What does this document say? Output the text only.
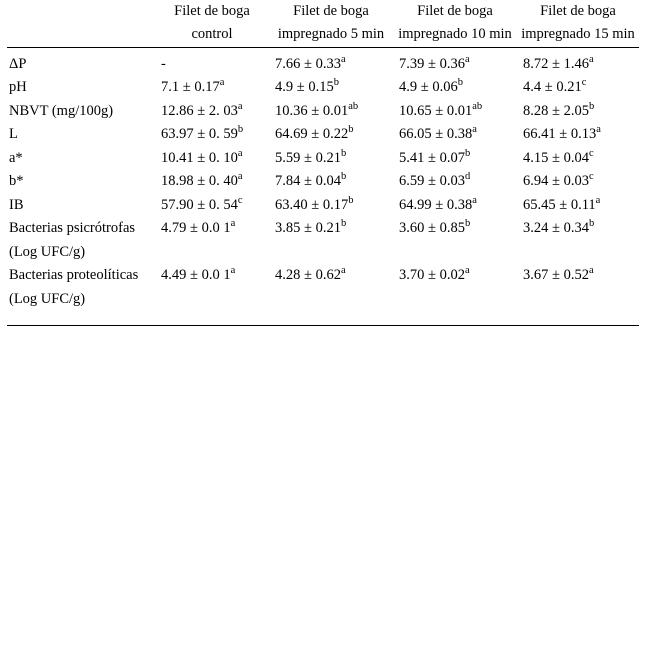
	Filet de boga control	Filet de boga impregnado 5 min	Filet de boga impregnado 10 min	Filet de boga impregnado 15 min

ΔP	-	7.66 ± 0.33$^a$	7.39 ± 0.36$^a$	8.72 ± 1.46$^a$

pH	7.1 ± 0.17$^a$	4.9 ± 0.15$^b$	4.9 ± 0.06$^b$	4.4 ± 0.21$^c$

NBVT (mg/100g)	12.86 ± 2. 03$^a$	10.36 ± 0.01$^{ab}$	10.65 ± 0.01$^{ab}$	8.28 ± 2.05$^b$

L	63.97 ± 0. 59$^b$	64.69 ± 0.22$^b$	66.05 ± 0.38$^a$	66.41 ± 0.13$^a$

a*	10.41 ± 0. 10$^a$	5.59 ± 0.21$^b$	5.41 ± 0.07$^b$	4.15 ± 0.04$^c$

b*	18.98 ± 0. 40$^a$	7.84 ± 0.04$^b$	6.59 ± 0.03$^d$	6.94 ± 0.03$^c$

IB	57.90 ± 0. 54$^c$	63.40 ± 0.17$^b$	64.99 ± 0.38$^a$	65.45 ± 0.11$^a$

Bacterias psicrótrofas (Log UFC/g)	4.79 ± 0.0 1$^a$	3.85 ± 0.21$^b$	3.60 ± 0.85$^b$	3.24 ± 0.34$^b$

Bacterias proteolíticas (Log UFC/g)	4.49 ± 0.0 1$^a$	4.28 ± 0.62$^a$	3.70 ± 0.02$^a$	3.67 ± 0.52$^a$
